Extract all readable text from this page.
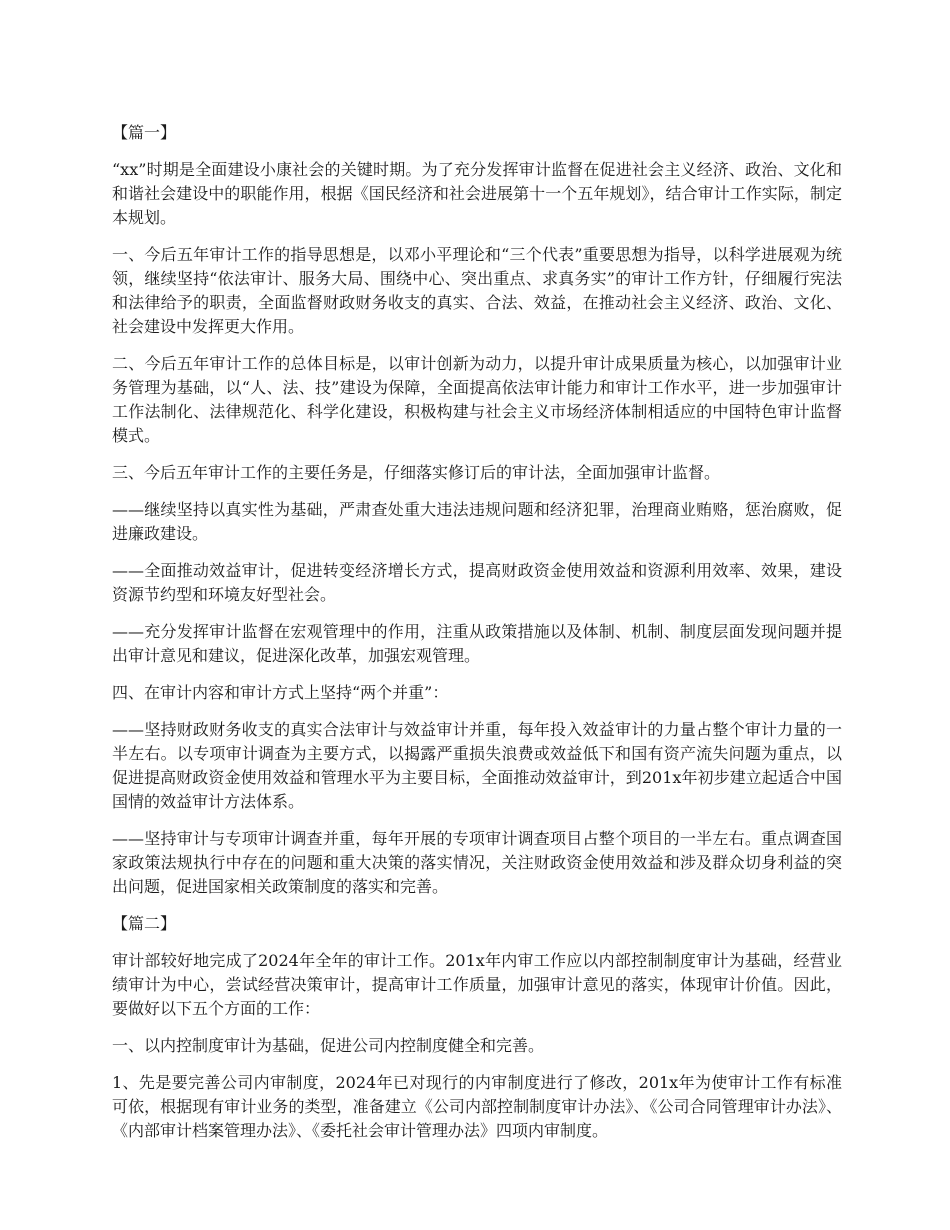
【篇一】

“xx”时期是全面建设小康社会的关键时期。为了充分发挥审计监督在促进社会主义经济、政治、文化和和谐社会建设中的职能作用，根据《国民经济和社会进展第十一个五年规划》，结合审计工作实际，制定本规划。

一、今后五年审计工作的指导思想是，以邓小平理论和“三个代表”重要思想为指导，以科学进展观为统领，继续坚持“依法审计、服务大局、围绕中心、突出重点、求真务实”的审计工作方针，仔细履行宪法和法律给予的职责，全面监督财政财务收支的真实、合法、效益，在推动社会主义经济、政治、文化、社会建设中发挥更大作用。

二、今后五年审计工作的总体目标是，以审计创新为动力，以提升审计成果质量为核心，以加强审计业务管理为基础，以“人、法、技”建设为保障，全面提高依法审计能力和审计工作水平，进一步加强审计工作法制化、法律规范化、科学化建设，积极构建与社会主义市场经济体制相适应的中国特色审计监督模式。

三、今后五年审计工作的主要任务是，仔细落实修订后的审计法，全面加强审计监督。

——继续坚持以真实性为基础，严肃查处重大违法违规问题和经济犯罪，治理商业贿赂，惩治腐败，促进廉政建设。

——全面推动效益审计，促进转变经济增长方式，提高财政资金使用效益和资源利用效率、效果，建设资源节约型和环境友好型社会。

——充分发挥审计监督在宏观管理中的作用，注重从政策措施以及体制、机制、制度层面发现问题并提出审计意见和建议，促进深化改革，加强宏观管理。

四、在审计内容和审计方式上坚持“两个并重”：

——坚持财政财务收支的真实合法审计与效益审计并重，每年投入效益审计的力量占整个审计力量的一半左右。以专项审计调查为主要方式，以揭露严重损失浪费或效益低下和国有资产流失问题为重点，以促进提高财政资金使用效益和管理水平为主要目标，全面推动效益审计，到201x年初步建立起适合中国国情的效益审计方法体系。

——坚持审计与专项审计调查并重，每年开展的专项审计调查项目占整个项目的一半左右。重点调查国家政策法规执行中存在的问题和重大决策的落实情况，关注财政资金使用效益和涉及群众切身利益的突出问题，促进国家相关政策制度的落实和完善。

【篇二】

审计部较好地完成了2024年全年的审计工作。201x年内审工作应以内部控制制度审计为基础，经营业绩审计为中心，尝试经营决策审计，提高审计工作质量，加强审计意见的落实，体现审计价值。因此，要做好以下五个方面的工作：

一、以内控制度审计为基础，促进公司内控制度健全和完善。

1、先是要完善公司内审制度，2024年已对现行的内审制度进行了修改，201x年为使审计工作有标准可依，根据现有审计业务的类型，准备建立《公司内部控制制度审计办法》、《公司合同管理审计办法》、《内部审计档案管理办法》、《委托社会审计管理办法》四项内审制度。
